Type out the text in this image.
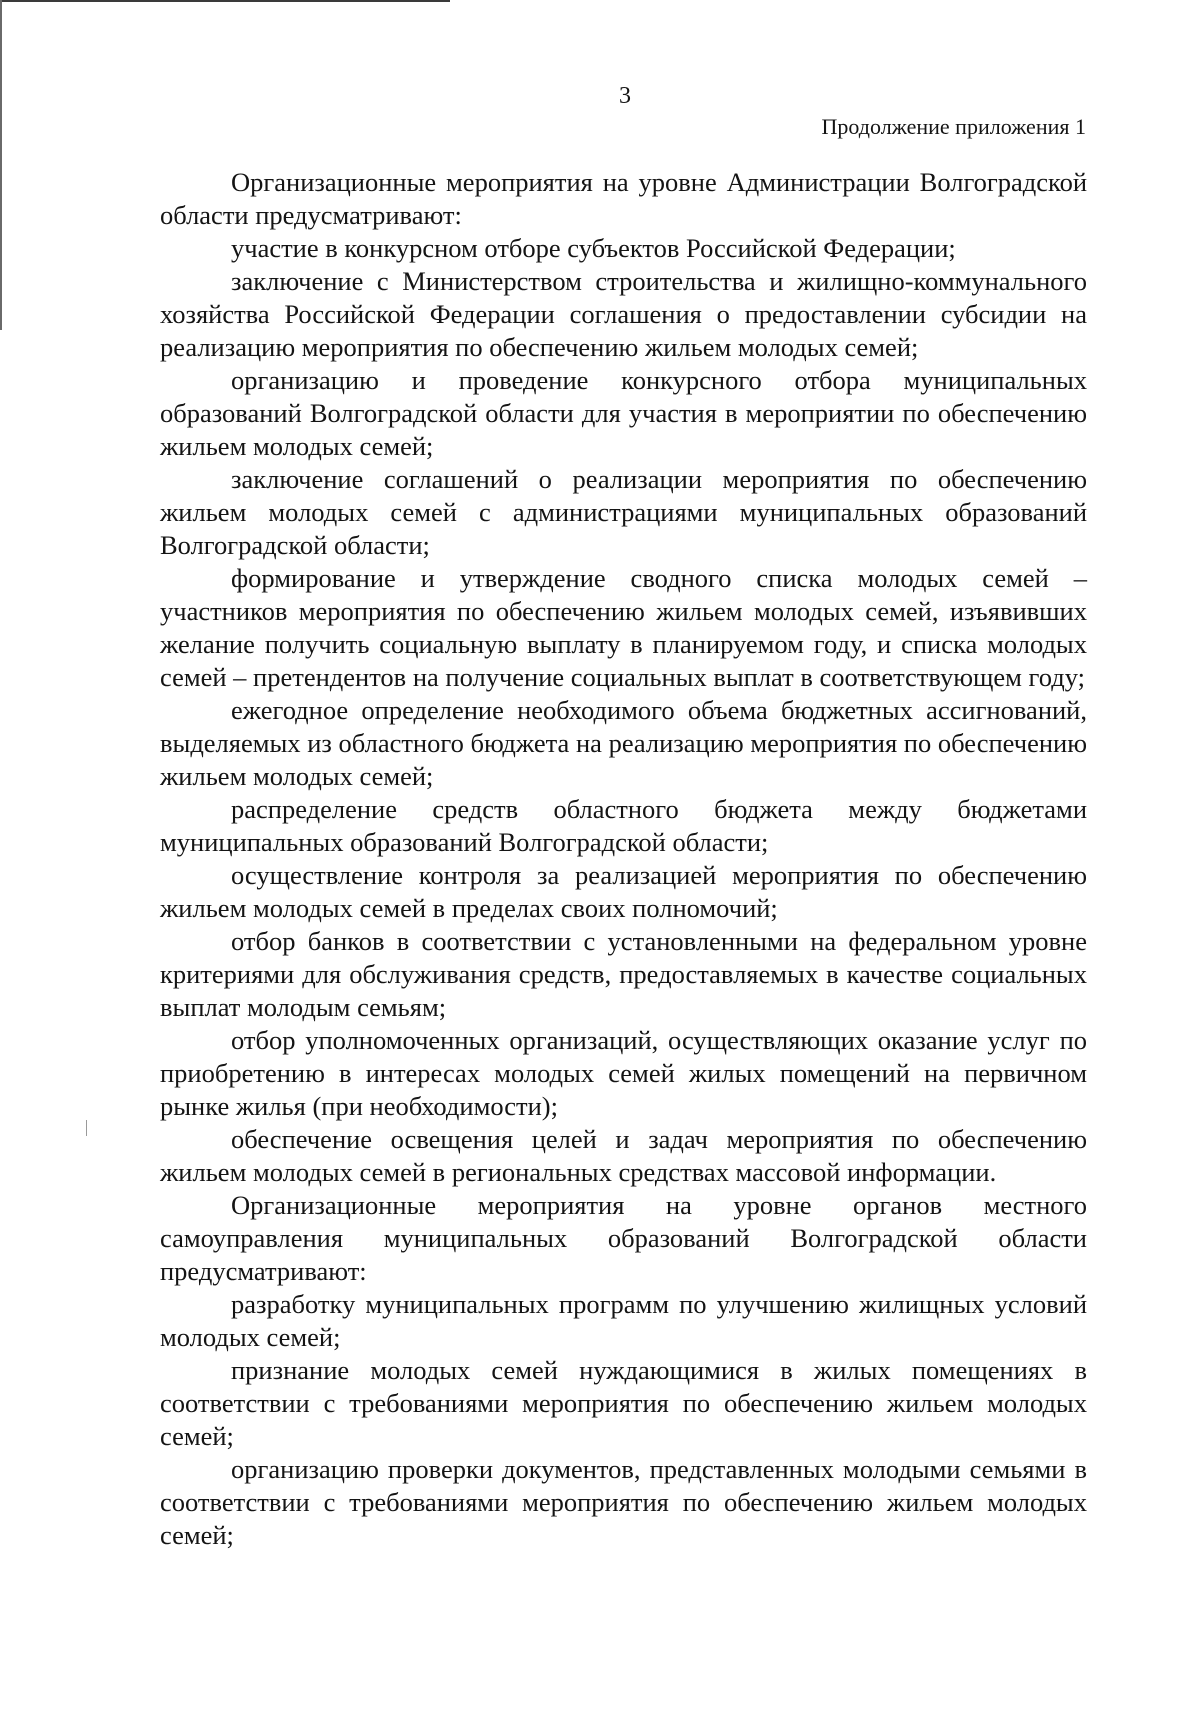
3
Продолжение приложения 1

Организационные мероприятия на уровне Администрации Волгоградской области предусматривают:

участие в конкурсном отборе субъектов Российской Федерации;

заключение с Министерством строительства и жилищно-коммунального хозяйства Российской Федерации соглашения о предоставлении субсидии на реализацию мероприятия по обеспечению жильем молодых семей;

организацию и проведение конкурсного отбора муниципальных образований Волгоградской области для участия в мероприятии по обеспечению жильем молодых семей;

заключение соглашений о реализации мероприятия по обеспечению жильем молодых семей с администрациями муниципальных образований Волгоградской области;

формирование и утверждение сводного списка молодых семей – участников мероприятия по обеспечению жильем молодых семей, изъявивших желание получить социальную выплату в планируемом году, и списка молодых семей – претендентов на получение социальных выплат в соответствующем году;

ежегодное определение необходимого объема бюджетных ассигнований, выделяемых из областного бюджета на реализацию мероприятия по обеспечению жильем молодых семей;

распределение средств областного бюджета между бюджетами муниципальных образований Волгоградской области;

осуществление контроля за реализацией мероприятия по обеспечению жильем молодых семей в пределах своих полномочий;

отбор банков в соответствии с установленными на федеральном уровне критериями для обслуживания средств, предоставляемых в качестве социальных выплат молодым семьям;

отбор уполномоченных организаций, осуществляющих оказание услуг по приобретению в интересах молодых семей жилых помещений на первичном рынке жилья (при необходимости);

обеспечение освещения целей и задач мероприятия по обеспечению жильем молодых семей в региональных средствах массовой информации.

Организационные мероприятия на уровне органов местного самоуправления муниципальных образований Волгоградской области предусматривают:

разработку муниципальных программ по улучшению жилищных условий молодых семей;

признание молодых семей нуждающимися в жилых помещениях в соответствии с требованиями мероприятия по обеспечению жильем молодых семей;

организацию проверки документов, представленных молодыми семьями в соответствии с требованиями мероприятия по обеспечению жильем молодых семей;
